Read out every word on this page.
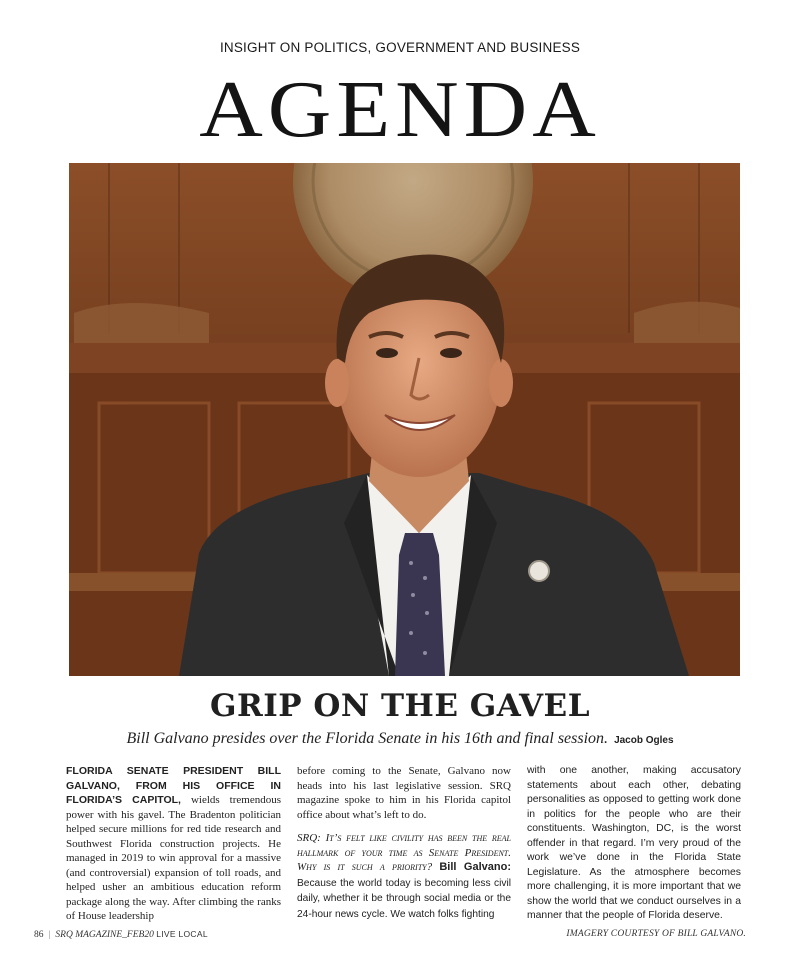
INSIGHT ON POLITICS, GOVERNMENT AND BUSINESS
AGENDA
GRIP ON THE GAVEL
Bill Galvano presides over the Florida Senate in his 16th and final session. Jacob Ogles

FLORIDA SENATE PRESIDENT BILL GALVANO, FROM HIS OFFICE IN FLORIDA’S CAPITOL, wields tremendous power with his gavel. The Bradenton politician helped secure millions for red tide research and Southwest Florida construction projects. He managed in 2019 to win approval for a massive (and controversial) expansion of toll roads, and helped usher an ambitious education reform package along the way. After climbing the ranks of House leadership

before coming to the Senate, Galvano now heads into his last legislative session. SRQ magazine spoke to him in his Florida capitol office about what’s left to do.

SRQ: It’s felt like civility has been the real hallmark of your time as Senate President. Why is it such a priority? Bill Galvano: Because the world today is becoming less civil daily, whether it be through social media or the 24-hour news cycle. We watch folks fighting

with one another, making accusatory statements about each other, debating personalities as opposed to getting work done in politics for the people who are their constituents. Washington, DC, is the worst offender in that regard. I’m very proud of the work we’ve done in the Florida State Legislature. As the atmosphere becomes more challenging, it is more important that we show the world that we conduct ourselves in a manner that the people of Florida deserve.

86 | SRQ MAGAZINE_FEB20 LIVE LOCAL	IMAGERY COURTESY OF BILL GALVANO.
